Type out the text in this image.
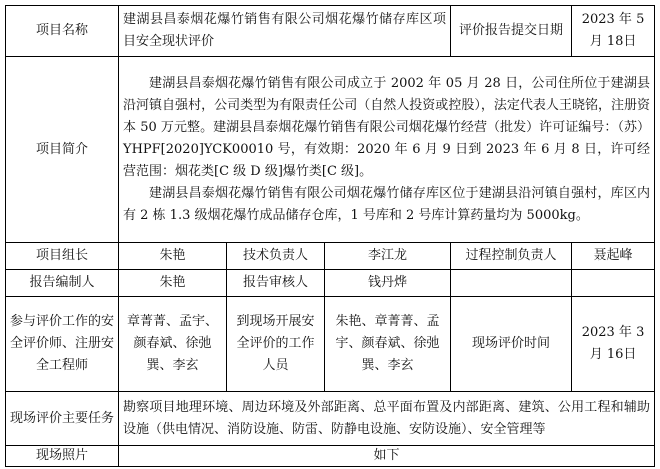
项目名称	建湖县昌泰烟花爆竹销售有限公司烟花爆竹储存库区项目安全现状评价			评价报告提交日期	2023 年 5 月 18日
项目简介	建湖县昌泰烟花爆竹销售有限公司成立于 2002 年 05 月 28 日，公司住所位于建湖县沿河镇自强村，公司类型为有限责任公司（自然人投资或控股），法定代表人王晓铭，注册资本 50 万元整。建湖县昌泰烟花爆竹销售有限公司烟花爆竹经营（批发）许可证编号：（苏）YHPF[2020]YCK00010 号，有效期：2020 年 6 月 9 日到 2023 年 6 月 8 日，许可经营范围：烟花类[C 级 D 级]爆竹类[C 级]。

建湖县昌泰烟花爆竹销售有限公司烟花爆竹储存库区位于建湖县沿河镇自强村，库区内有 2 栋 1.3 级烟花爆竹成品储存仓库，1 号库和 2 号库计算药量均为 5000kg。				

项目组长	朱艳	技术负责人	李江龙	过程控制负责人	聂起峰
报告编制人	朱艳	报告审核人	钱丹烨		
参与评价工作的安全评价师、注册安全工程师	章菁菁、孟宇、颜春斌、徐弛巽、李玄	到现场开展安全评价的工作人员	朱艳、章菁菁、孟宇、颜春斌、徐弛巽、李玄	现场评价时间	2023 年 3 月 16日
现场评价主要任务	勘察项目地理环境、周边环境及外部距离、总平面布置及内部距离、建筑、公用工程和辅助设施（供电情况、消防设施、防雷、防静电设施、安防设施）、安全管理等				
现场照片	如下				
